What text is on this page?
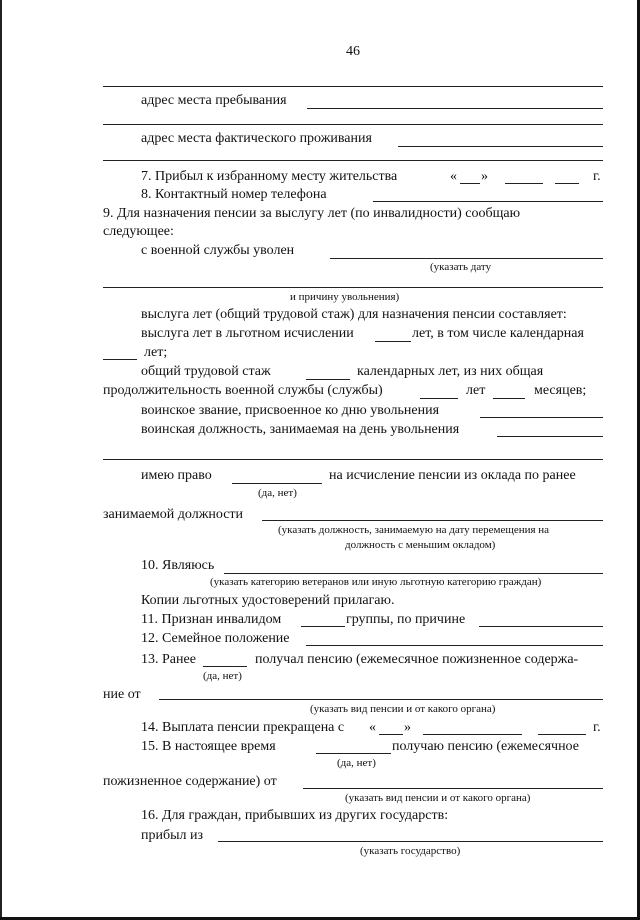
46
адрес места пребывания
адрес места фактического проживания
7. Прибыл к избранному месту жительства	« »	г.
8. Контактный номер телефона
9. Для назначения пенсии за выслугу лет (по инвалидности) сообщаю
следующее:
с военной службы уволен
(указать дату
и причину увольнения)
выслуга лет (общий трудовой стаж) для назначения пенсии составляет:
выслуга лет в льготном исчислении	лет, в том числе календарная
лет;
общий трудовой стаж	календарных лет, из них общая
продолжительность военной службы (службы)	лет	месяцев;
воинское звание, присвоенное ко дню увольнения
воинская должность, занимаемая на день увольнения
имею право	на исчисление пенсии из оклада по ранее
(да, нет)
занимаемой должности
(указать должность, занимаемую на дату перемещения на
должность с меньшим окладом)
10. Являюсь
(указать категорию ветеранов или иную льготную категорию граждан)
Копии льготных удостоверений прилагаю.
11. Признан инвалидом	группы, по причине
12. Семейное положение
13. Ранее	получал пенсию (ежемесячное пожизненное содержа-
(да, нет)
ние от
(указать вид пенсии и от какого органа)
14. Выплата пенсии прекращена с « »	г.
15. В настоящее время	получаю пенсию (ежемесячное
(да, нет)
пожизненное содержание) от
(указать вид пенсии и от какого органа)
16. Для граждан, прибывших из других государств:
прибыл из
(указать государство)
